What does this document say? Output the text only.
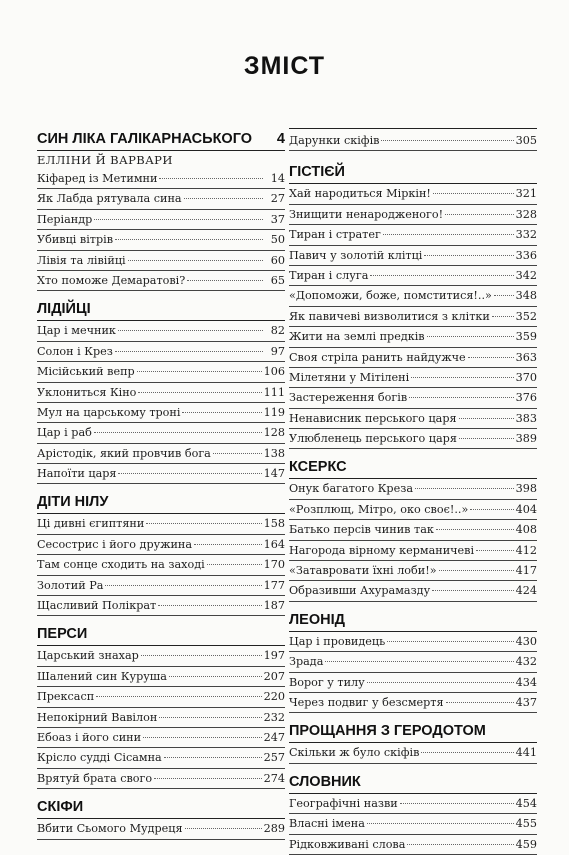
ЗМІСТ
СИН ЛІКА ГАЛІКАРНАСЬКОГО 4
ЕЛЛІНИ Й ВАРВАРИ
Кіфаред із Метимни	14
Як Лабда рятувала сина	27
Періандр	37
Убивці вітрів	50
Лівія та лівійці	60
Хто поможе Демаратові?	65
ЛІДІЙЦІ
Цар і мечник	82
Солон і Крез	97
Місійський вепр	106
Уклониться Кіно	111
Мул на царському троні	119
Цар і раб	128
Арістодік, який провчив бога	138
Напоїти царя	147
ДІТИ НІЛУ
Ці дивні єгиптяни	158
Сесострис і його дружина	164
Там сонце сходить на заході	170
Золотий Ра	177
Щасливий Полікрат	187
ПЕРСИ
Царський знахар	197
Шалений син Куруша	207
Прексасп	220
Непокірний Вавілон	232
Ебоаз і його сини	247
Крісло судді Сісамна	257
Врятуй брата свого	274
СКІФИ
Вбити Сьомого Мудреця	289
Дарунки скіфів	305
ГІСТІЄЙ
Хай народиться Міркін!	321
Знищити ненародженого!	328
Тиран і стратег	332
Павич у золотій клітці	336
Тиран і слуга	342
«Допоможи, боже, помститися!..» 348
Як павичеві визволитися з клітки 352
Жити на землі предків	359
Своя стріла ранить найдужче	363
Мілетяни у Мітілені	370
Застереження богів	376
Ненависник перського царя	383
Улюбленець перського царя	389
КСЕРКС
Онук багатого Креза	398
«Розплющ, Мітро, око своє!..»	404
Батько персів чинив так	408
Нагорода вірному керманичеві	412
«Затавровати їхні лоби!»	417
Образивши Ахурамазду	424
ЛЕОНІД
Цар і провидець	430
Зрада	432
Ворог у тилу	434
Через подвиг у безсмертя	437
ПРОЩАННЯ З ГЕРОДОТОМ
Скільки ж було скіфів	441
СЛОВНИК
Географічні назви	454
Власні імена	455
Рідковживані слова	459
